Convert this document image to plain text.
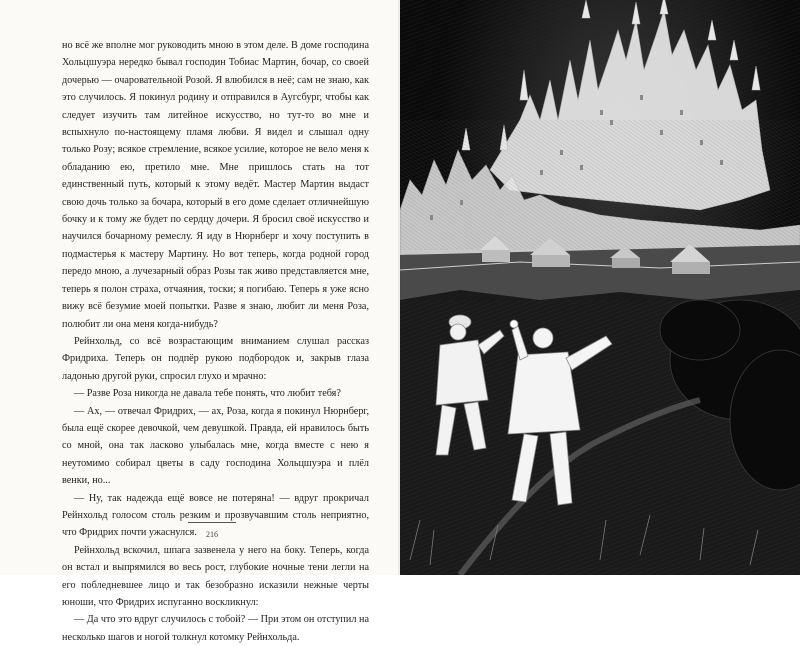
но всё же вполне мог руководить мною в этом деле. В доме господина Хольцшуэра нередко бывал господин Тобиас Мартин, бочар, со своей дочерью — очаровательной Розой. Я влюбился в неё; сам не знаю, как это случилось. Я покинул родину и отправился в Аугсбург, чтобы как следует изучить там литейное искусство, но тут-то во мне и вспыхнуло по-настоящему пламя любви. Я видел и слышал одну только Розу; всякое стремление, всякое усилие, которое не вело меня к обладанию ею, претило мне. Мне пришлось стать на тот единственный путь, который к этому ведёт. Мастер Мартин выдаст свою дочь только за бочара, который в его доме сделает отличнейшую бочку и к тому же будет по сердцу дочери. Я бросил своё искусство и научился бочарному ремеслу. Я иду в Нюрнберг и хочу поступить в подмастерья к мастеру Мартину. Но вот теперь, когда родной город передо мною, а лучезарный образ Розы так живо представляется мне, теперь я полон страха, отчаяния, тоски; я погибаю. Теперь я уже ясно вижу всё безумие моей попытки. Разве я знаю, любит ли меня Роза, полюбит ли она меня когда-нибудь?

Рейнхольд, со всё возрастающим вниманием слушал рассказ Фридриха. Теперь он подпёр рукою подбородок и, закрыв глаза ладонью другой руки, спросил глухо и мрачно:

— Разве Роза никогда не давала тебе понять, что любит тебя?

— Ах, — отвечал Фридрих, — ах, Роза, когда я покинул Нюрнберг, была ещё скорее девочкой, чем девушкой. Правда, ей нравилось быть со мной, она так ласково улыбалась мне, когда вместе с нею я неутомимо собирал цветы в саду господина Хольцшуэра и плёл венки, но...

— Ну, так надежда ещё вовсе не потеряна! — вдруг прокричал Рейнхольд голосом столь резким и прозвучавшим столь неприятно, что Фридрих почти ужаснулся.

Рейнхольд вскочил, шпага зазвенела у него на боку. Теперь, когда он встал и выпрямился во весь рост, глубокие ночные тени легли на его побледневшее лицо и так безобразно исказили нежные черты юноши, что Фридрих испуганно воскликнул:

— Да что это вдруг случилось с тобой? — При этом он отступил на несколько шагов и ногой толкнул котомку Рейнхольда.

216
